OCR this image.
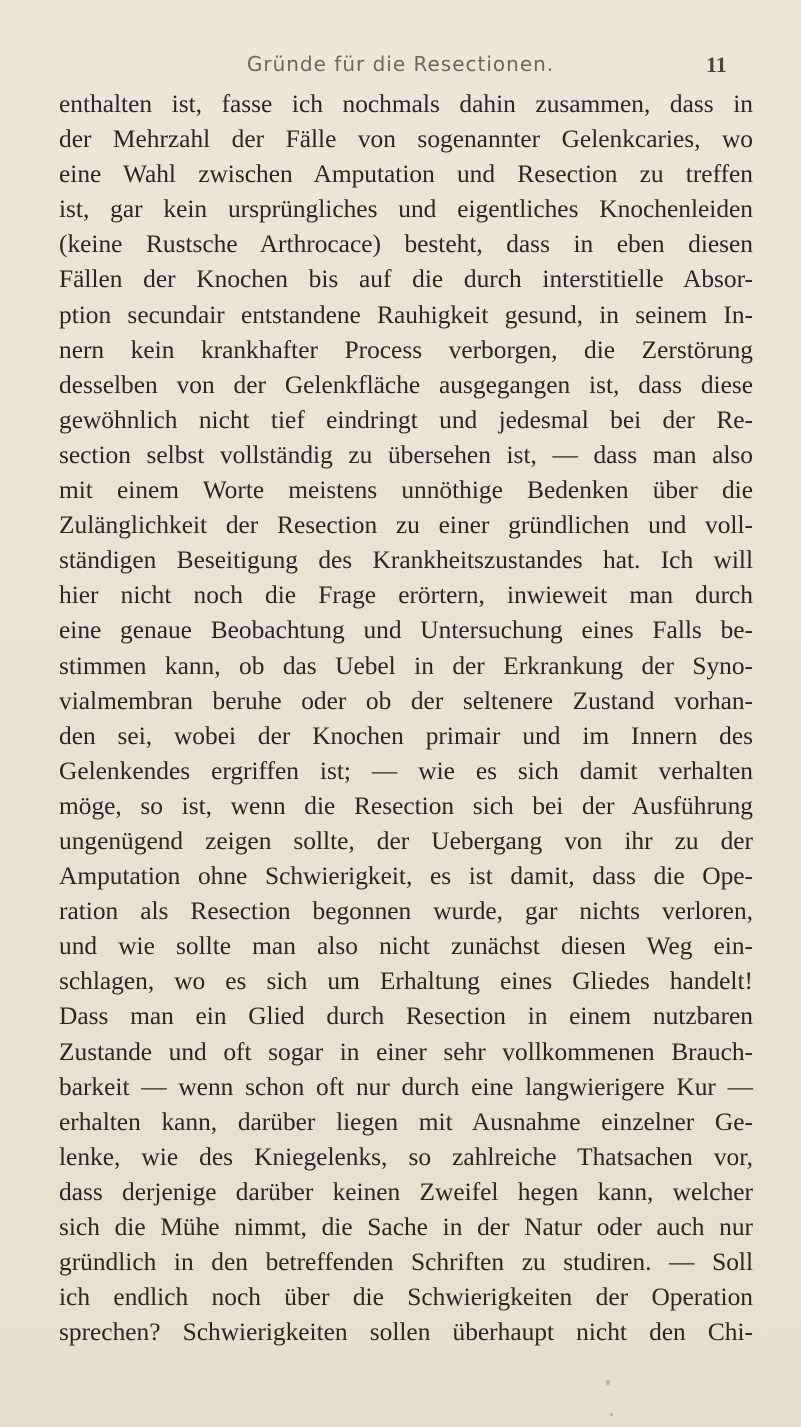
Gründe für die Resectionen.	11
enthalten ist, fasse ich nochmals dahin zusammen, dass in
der Mehrzahl der Fälle von sogenannter Gelenkcaries, wo
eine Wahl zwischen Amputation und Resection zu treffen
ist, gar kein ursprüngliches und eigentliches Knochenleiden
(keine Rustsche Arthrocace) besteht, dass in eben diesen
Fällen der Knochen bis auf die durch interstitielle Absor-
ption secundair entstandene Rauhigkeit gesund, in seinem In-
nern kein krankhafter Process verborgen, die Zerstörung
desselben von der Gelenkfläche ausgegangen ist, dass diese
gewöhnlich nicht tief eindringt und jedesmal bei der Re-
section selbst vollständig zu übersehen ist, — dass man also
mit einem Worte meistens unnöthige Bedenken über die
Zulänglichkeit der Resection zu einer gründlichen und voll-
ständigen Beseitigung des Krankheitszustandes hat. Ich will
hier nicht noch die Frage erörtern, inwieweit man durch
eine genaue Beobachtung und Untersuchung eines Falls be-
stimmen kann, ob das Uebel in der Erkrankung der Syno-
vialmembran beruhe oder ob der seltenere Zustand vorhan-
den sei, wobei der Knochen primair und im Innern des
Gelenkendes ergriffen ist; — wie es sich damit verhalten
möge, so ist, wenn die Resection sich bei der Ausführung
ungenügend zeigen sollte, der Uebergang von ihr zu der
Amputation ohne Schwierigkeit, es ist damit, dass die Ope-
ration als Resection begonnen wurde, gar nichts verloren,
und wie sollte man also nicht zunächst diesen Weg ein-
schlagen, wo es sich um Erhaltung eines Gliedes handelt!
Dass man ein Glied durch Resection in einem nutzbaren
Zustande und oft sogar in einer sehr vollkommenen Brauch-
barkeit — wenn schon oft nur durch eine langwierigere Kur —
erhalten kann, darüber liegen mit Ausnahme einzelner Ge-
lenke, wie des Kniegelenks, so zahlreiche Thatsachen vor,
dass derjenige darüber keinen Zweifel hegen kann, welcher
sich die Mühe nimmt, die Sache in der Natur oder auch nur
gründlich in den betreffenden Schriften zu studiren. — Soll
ich endlich noch über die Schwierigkeiten der Operation
sprechen? Schwierigkeiten sollen überhaupt nicht den Chi-
